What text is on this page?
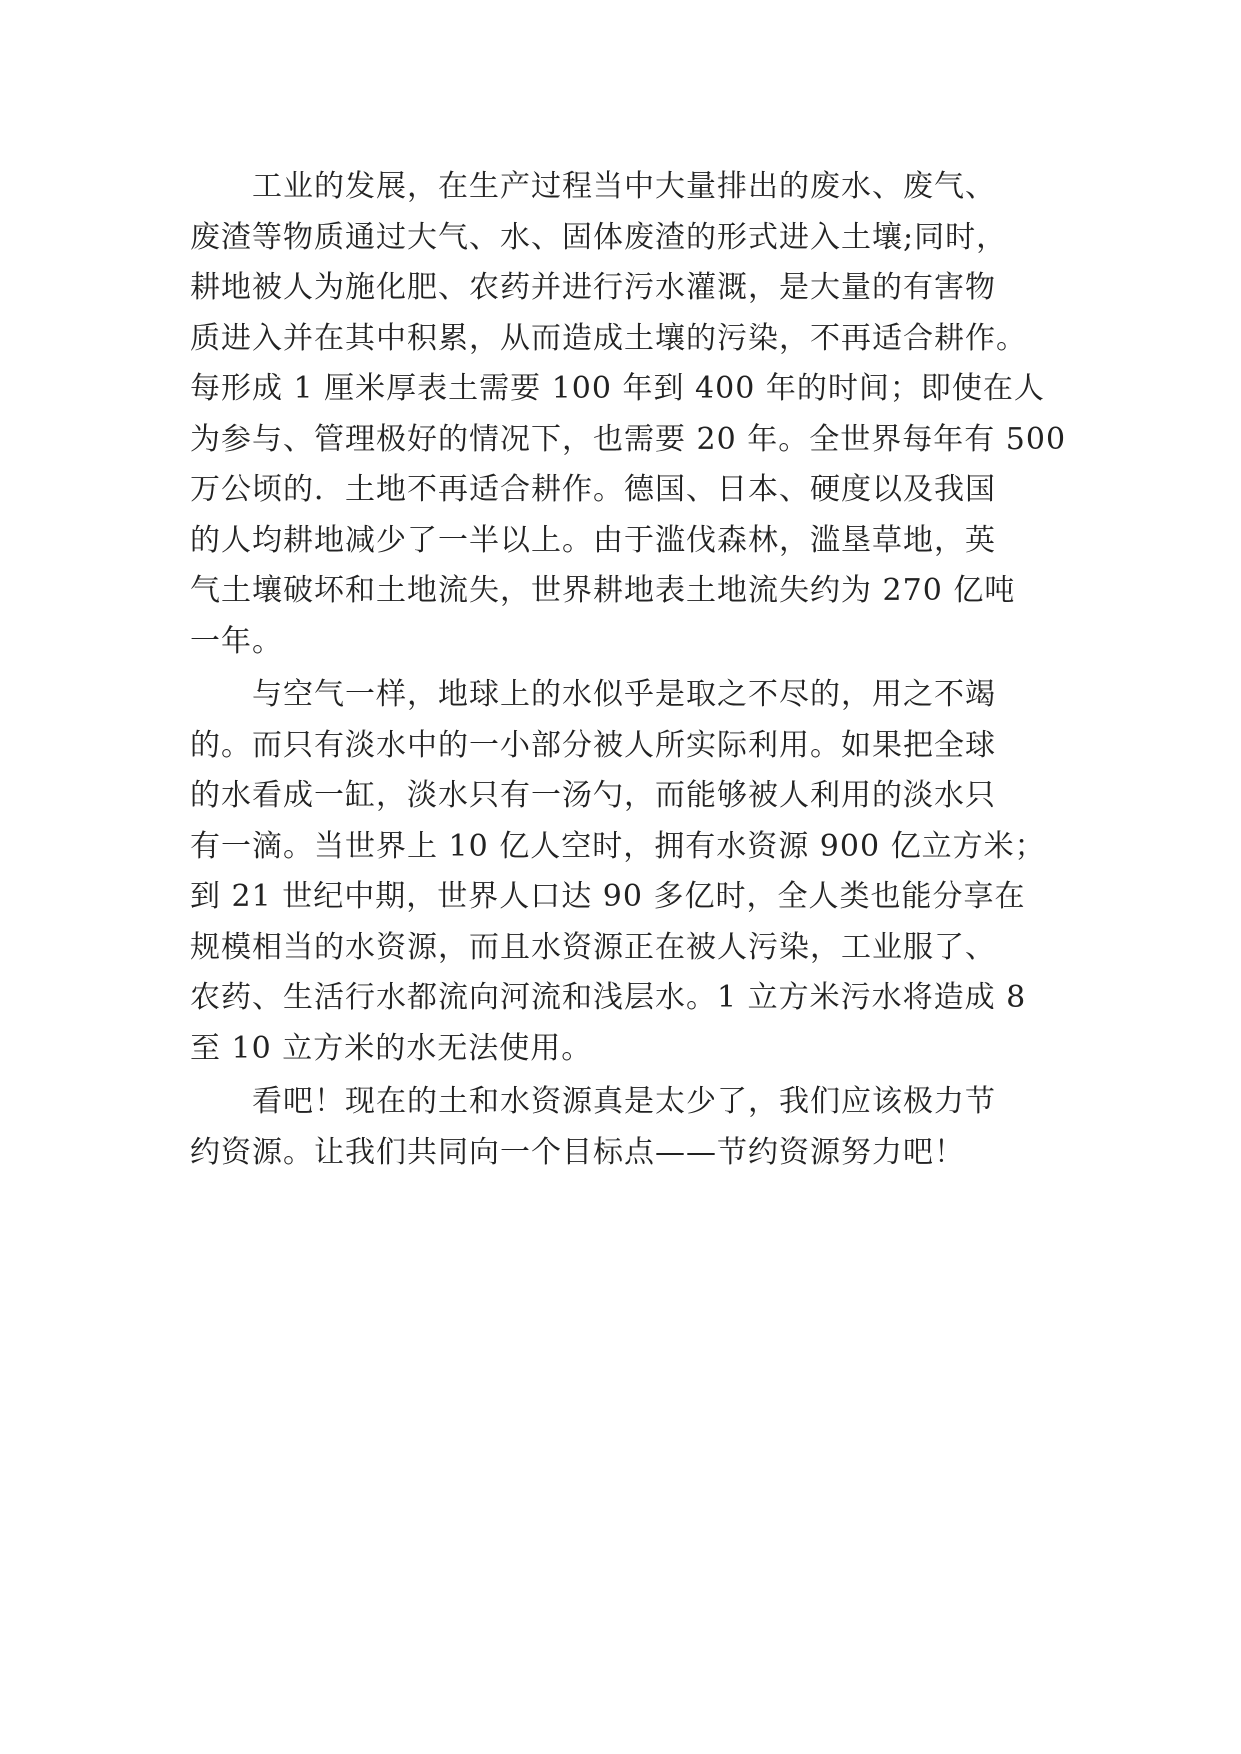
　　工业的发展，在生产过程当中大量排出的废水、废气、
废渣等物质通过大气、水、固体废渣的形式进入土壤;同时，
耕地被人为施化肥、农药并进行污水灌溉，是大量的有害物
质进入并在其中积累，从而造成土壤的污染，不再适合耕作。
每形成 1 厘米厚表土需要 100 年到 400 年的时间；即使在人
为参与、管理极好的情况下，也需要 20 年。全世界每年有 500
万公顷的．土地不再适合耕作。德国、日本、硬度以及我国
的人均耕地减少了一半以上。由于滥伐森林，滥垦草地，英
气土壤破坏和土地流失，世界耕地表土地流失约为 270 亿吨
一年。
　　与空气一样，地球上的水似乎是取之不尽的，用之不竭
的。而只有淡水中的一小部分被人所实际利用。如果把全球
的水看成一缸，淡水只有一汤勺，而能够被人利用的淡水只
有一滴。当世界上 10 亿人空时，拥有水资源 900 亿立方米；
到 21 世纪中期，世界人口达 90 多亿时，全人类也能分享在
规模相当的水资源，而且水资源正在被人污染，工业服了、
农药、生活行水都流向河流和浅层水。1 立方米污水将造成 8
至 10 立方米的水无法使用。
　　看吧！现在的土和水资源真是太少了，我们应该极力节
约资源。让我们共同向一个目标点——节约资源努力吧！
